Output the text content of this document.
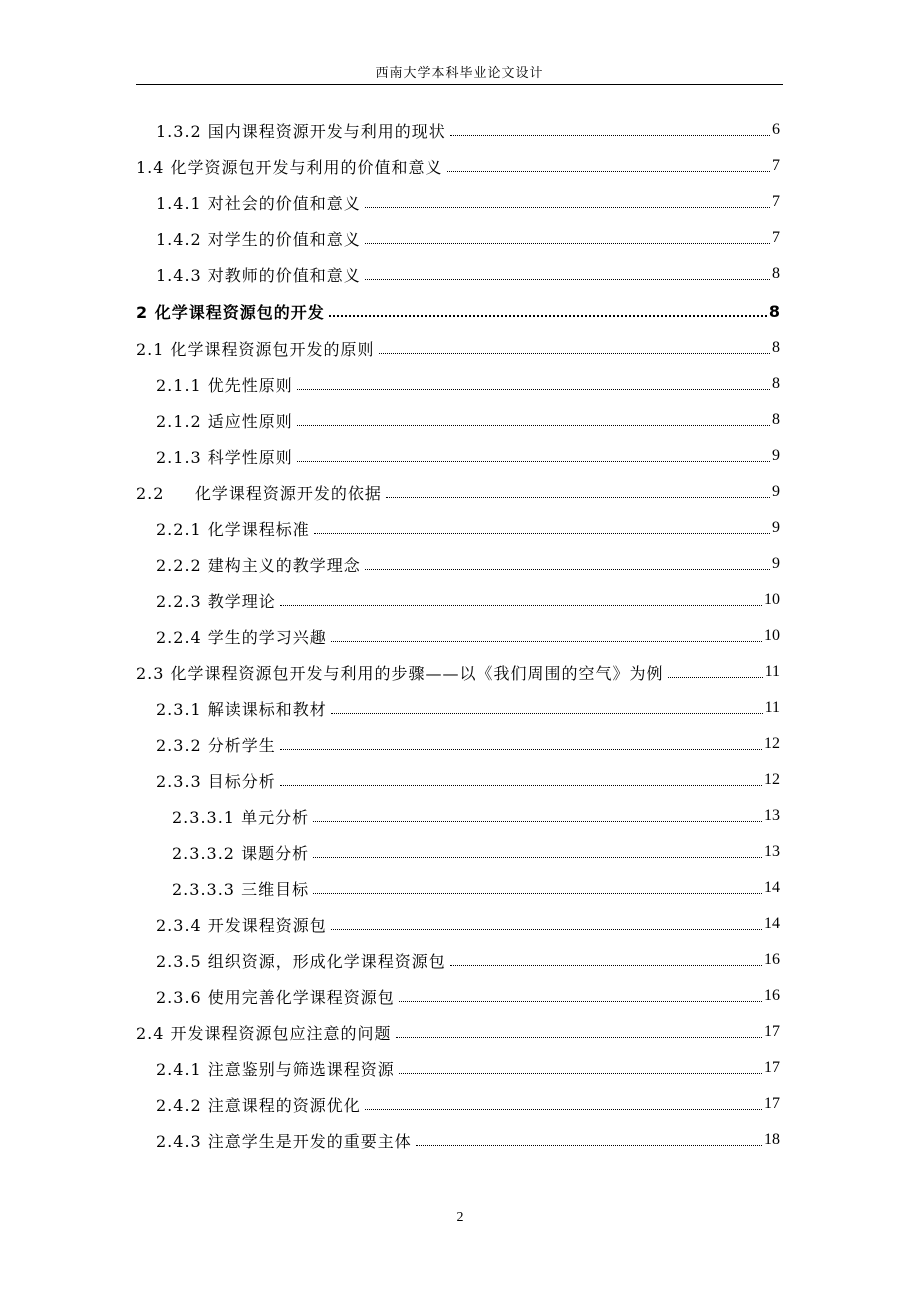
西南大学本科毕业论文设计
1.3.2 国内课程资源开发与利用的现状	6
1.4 化学资源包开发与利用的价值和意义	7
1.4.1 对社会的价值和意义	7
1.4.2 对学生的价值和意义	7
1.4.3 对教师的价值和意义	8
2 化学课程资源包的开发	8
2.1 化学课程资源包开发的原则	8
2.1.1 优先性原则	8
2.1.2 适应性原则	8
2.1.3 科学性原则	9
2.2     化学课程资源开发的依据	9
2.2.1 化学课程标准	9
2.2.2 建构主义的教学理念	9
2.2.3 教学理论	10
2.2.4 学生的学习兴趣	10
2.3 化学课程资源包开发与利用的步骤——以《我们周围的空气》为例	11
2.3.1 解读课标和教材	11
2.3.2 分析学生	12
2.3.3 目标分析	12
2.3.3.1 单元分析	13
2.3.3.2 课题分析	13
2.3.3.3 三维目标	14
2.3.4 开发课程资源包	14
2.3.5 组织资源，形成化学课程资源包	16
2.3.6 使用完善化学课程资源包	16
2.4 开发课程资源包应注意的问题	17
2.4.1 注意鉴别与筛选课程资源	17
2.4.2 注意课程的资源优化	17
2.4.3 注意学生是开发的重要主体	18
2
